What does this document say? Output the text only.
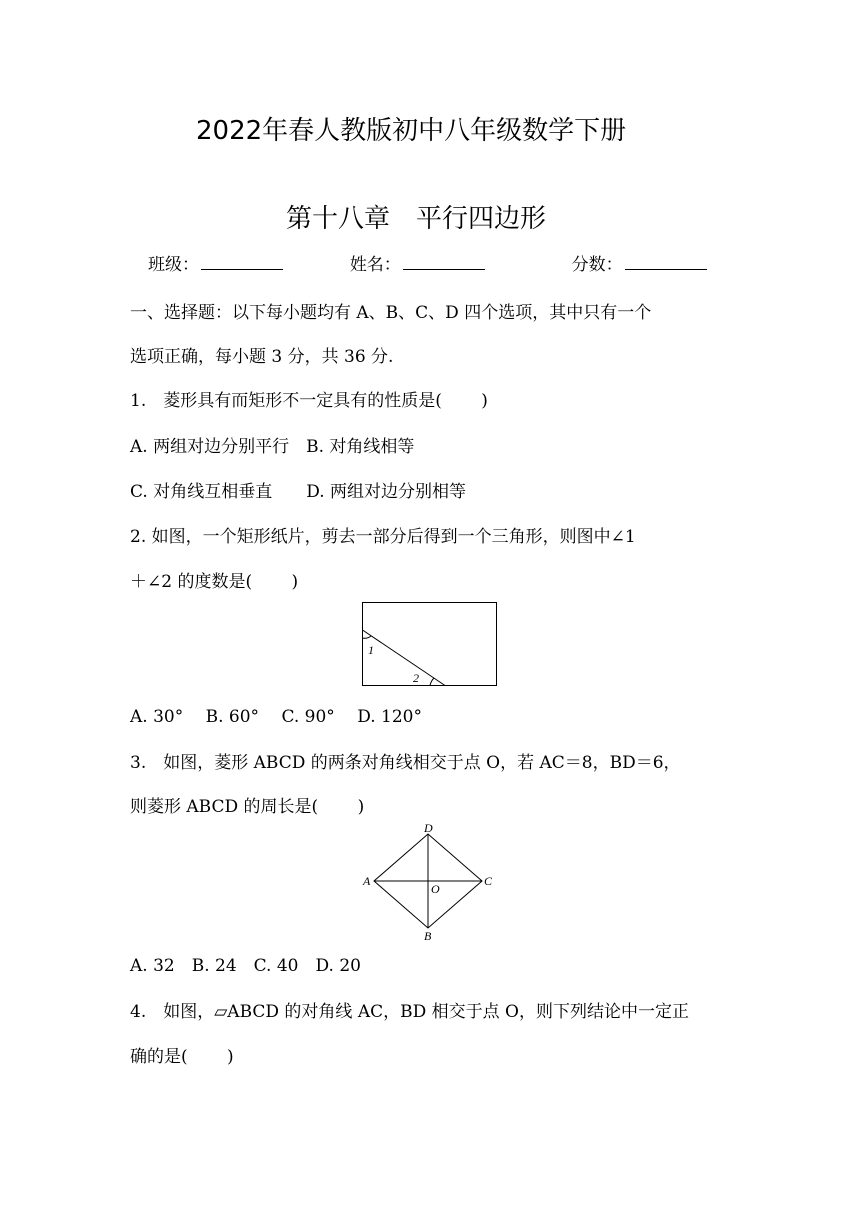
2022年春人教版初中八年级数学下册
第十八章　平行四边形
班级：	姓名：	分数：
一、选择题：以下每小题均有 A、B、C、D 四个选项，其中只有一个
选项正确，每小题 3 分，共 36 分.
1.　菱形具有而矩形不一定具有的性质是(　　 )
A. 两组对边分别平行　B. 对角线相等
C. 对角线互相垂直　　D. 两组对边分别相等
2. 如图，一个矩形纸片，剪去一部分后得到一个三角形，则图中∠1
＋∠2 的度数是(　　 )
1
2
A. 30°　 B. 60°　 C. 90°　 D. 120°
3.　如图，菱形 ABCD 的两条对角线相交于点 O，若 AC＝8，BD＝6，
则菱形 ABCD 的周长是(　　 )
D
A	C
B
O
A. 32　B. 24　C. 40　D. 20
4.　如图，▱ABCD 的对角线 AC，BD 相交于点 O，则下列结论中一定正
确的是(　　 )
